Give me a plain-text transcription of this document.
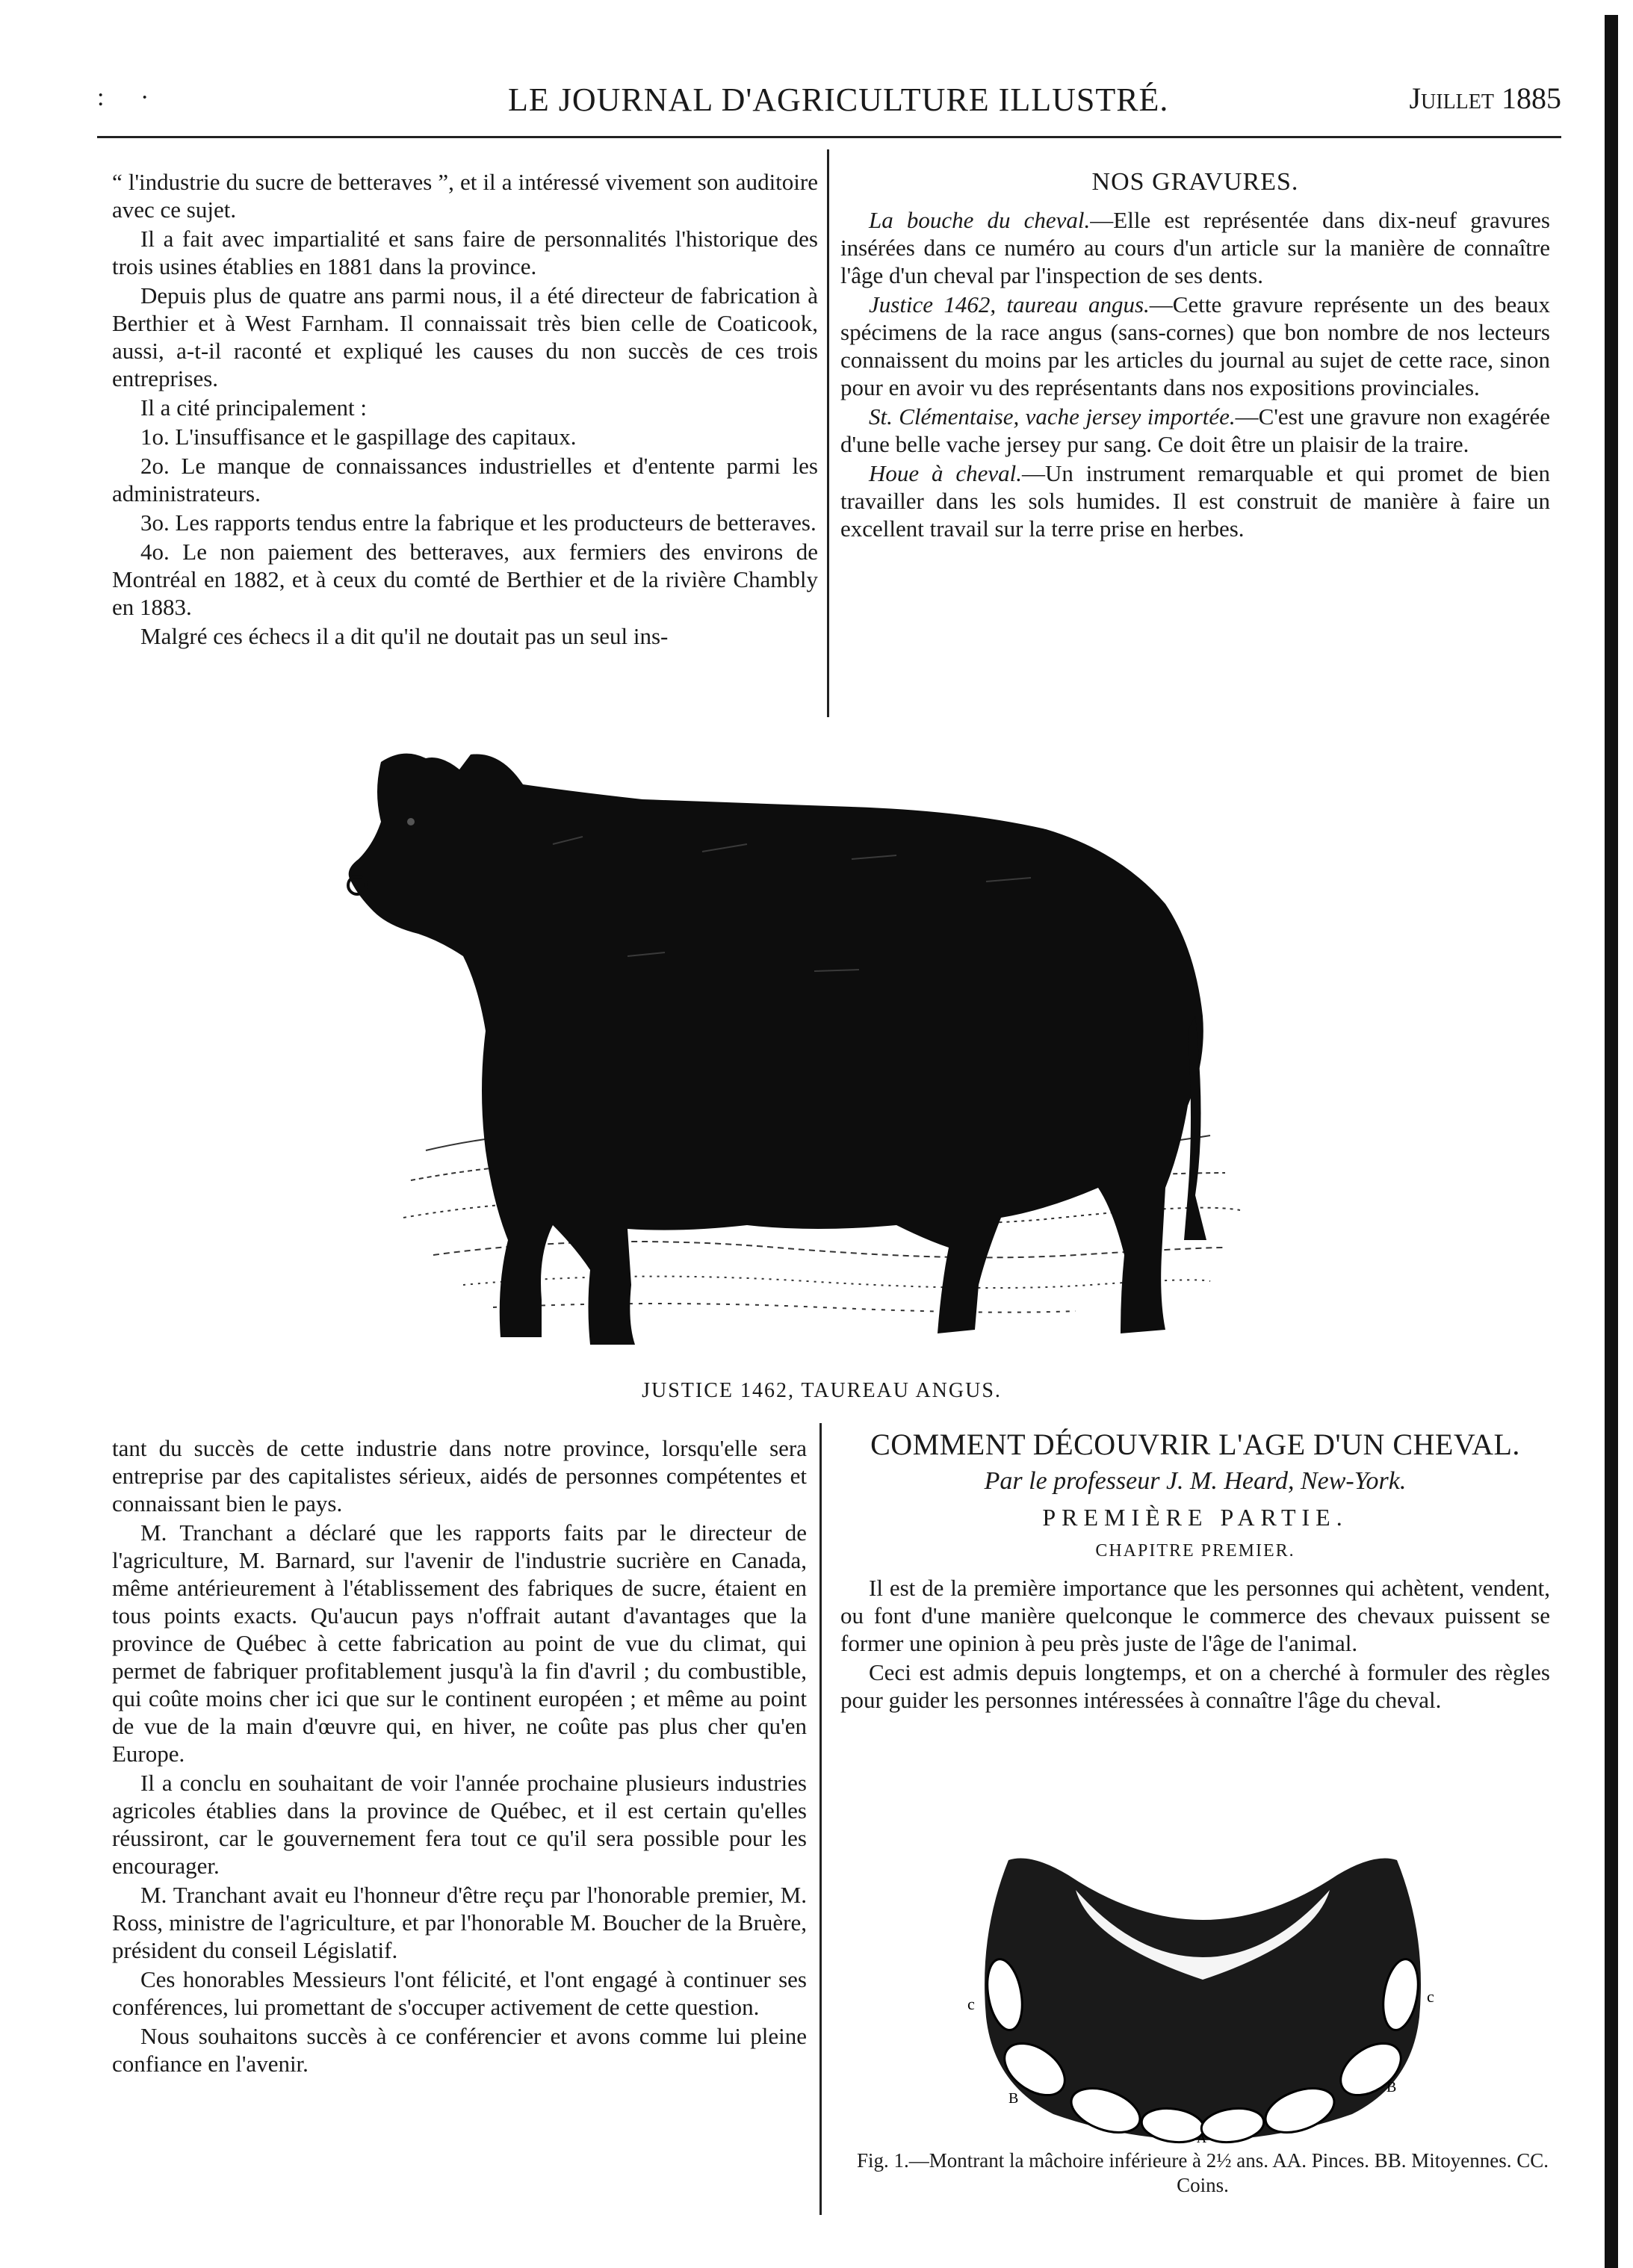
: ·	LE JOURNAL D'AGRICULTURE ILLUSTRÉ.	Juillet 1885

“ l'industrie du sucre de betteraves ”, et il a intéressé vivement son auditoire avec ce sujet.

Il a fait avec impartialité et sans faire de personnalités l'historique des trois usines établies en 1881 dans la province.

Depuis plus de quatre ans parmi nous, il a été directeur de fabrication à Berthier et à West Farnham. Il connaissait très bien celle de Coaticook, aussi, a-t-il raconté et expliqué les causes du non succès de ces trois entreprises.

Il a cité principalement :

1o. L'insuffisance et le gaspillage des capitaux.

2o. Le manque de connaissances industrielles et d'entente parmi les administrateurs.

3o. Les rapports tendus entre la fabrique et les producteurs de betteraves.

4o. Le non paiement des betteraves, aux fermiers des environs de Montréal en 1882, et à ceux du comté de Berthier et de la rivière Chambly en 1883.

Malgré ces échecs il a dit qu'il ne doutait pas un seul ins-

NOS GRAVURES.

La bouche du cheval.—Elle est représentée dans dix-neuf gravures insérées dans ce numéro au cours d'un article sur la manière de connaître l'âge d'un cheval par l'inspection de ses dents.

Justice 1462, taureau angus.—Cette gravure représente un des beaux spécimens de la race angus (sans-cornes) que bon nombre de nos lecteurs connaissent du moins par les articles du journal au sujet de cette race, sinon pour en avoir vu des représentants dans nos expositions provinciales.

St. Clémentaise, vache jersey importée.—C'est une gravure non exagérée d'une belle vache jersey pur sang. Ce doit être un plaisir de la traire.

Houe à cheval.—Un instrument remarquable et qui promet de bien travailler dans les sols humides. Il est construit de manière à faire un excellent travail sur la terre prise en herbes.

JUSTICE 1462, TAUREAU ANGUS.

tant du succès de cette industrie dans notre province, lorsqu'elle sera entreprise par des capitalistes sérieux, aidés de personnes compétentes et connaissant bien le pays.

M. Tranchant a déclaré que les rapports faits par le directeur de l'agriculture, M. Barnard, sur l'avenir de l'industrie sucrière en Canada, même antérieurement à l'établissement des fabriques de sucre, étaient en tous points exacts. Qu'aucun pays n'offrait autant d'avantages que la province de Québec à cette fabrication au point de vue du climat, qui permet de fabriquer profitablement jusqu'à la fin d'avril ; du combustible, qui coûte moins cher ici que sur le continent européen ; et même au point de vue de la main d'œuvre qui, en hiver, ne coûte pas plus cher qu'en Europe.

Il a conclu en souhaitant de voir l'année prochaine plusieurs industries agricoles établies dans la province de Québec, et il est certain qu'elles réussiront, car le gouvernement fera tout ce qu'il sera possible pour les encourager.

M. Tranchant avait eu l'honneur d'être reçu par l'honorable premier, M. Ross, ministre de l'agriculture, et par l'honorable M. Boucher de la Bruère, président du conseil Législatif.

Ces honorables Messieurs l'ont félicité, et l'ont engagé à continuer ses conférences, lui promettant de s'occuper activement de cette question.

Nous souhaitons succès à ce conférencier et avons comme lui pleine confiance en l'avenir.

COMMENT DÉCOUVRIR L'AGE D'UN CHEVAL.
Par le professeur J. M. Heard, New-York.
PREMIÈRE PARTIE.
CHAPITRE PREMIER.

Il est de la première importance que les personnes qui achètent, vendent, ou font d'une manière quelconque le commerce des chevaux puissent se former une opinion à peu près juste de l'âge de l'animal.

Ceci est admis depuis longtemps, et on a cherché à formuler des règles pour guider les personnes intéressées à connaître l'âge du cheval.

c	c
B
B
A
Fig. 1.—Montrant la mâchoire inférieure à 2½ ans. AA. Pinces. BB. Mitoyennes. CC. Coins.
